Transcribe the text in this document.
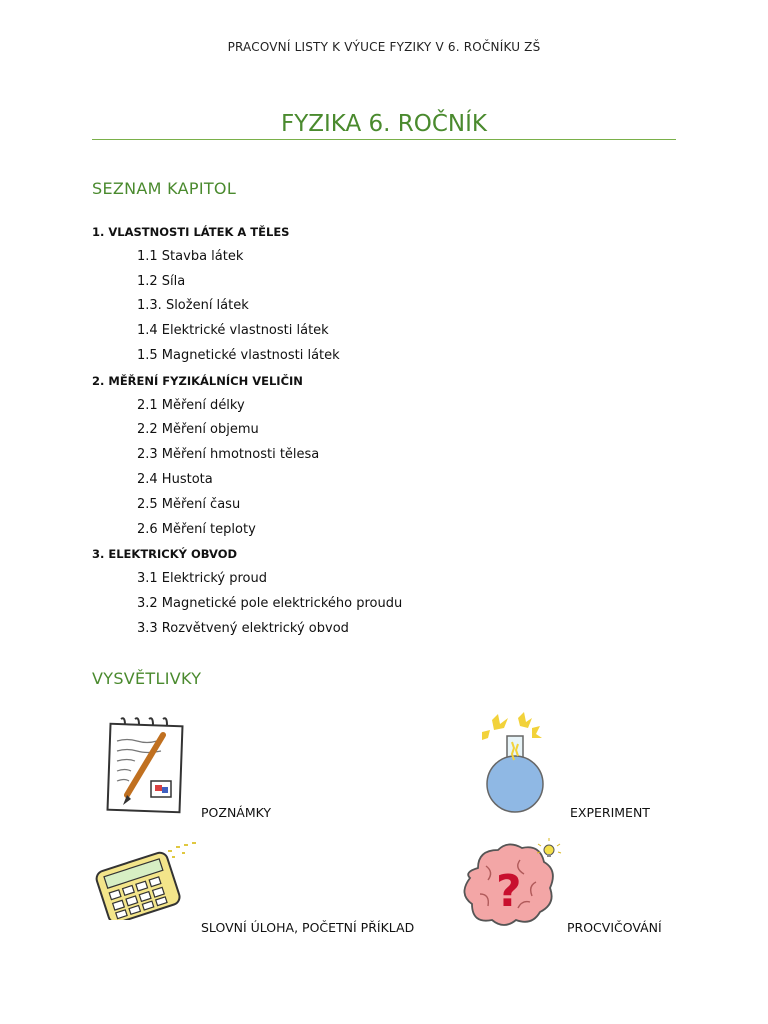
PRACOVNÍ LISTY K VÝUCE FYZIKY V 6. ROČNÍKU ZŠ
FYZIKA 6. ROČNÍK
SEZNAM KAPITOL
1. VLASTNOSTI LÁTEK A TĚLES
1.1 Stavba látek
1.2 Síla
1.3. Složení látek
1.4 Elektrické vlastnosti látek
1.5 Magnetické vlastnosti látek
2. MĚŘENÍ FYZIKÁLNÍCH VELIČIN
2.1 Měření délky
2.2 Měření objemu
2.3 Měření hmotnosti tělesa
2.4 Hustota
2.5 Měření času
2.6 Měření teploty
3. ELEKTRICKÝ OBVOD
3.1 Elektrický proud
3.2 Magnetické pole elektrického proudu
3.3 Rozvětvený elektrický obvod
VYSVĚTLIVKY
POZNÁMKY	EXPERIMENT
SLOVNÍ ÚLOHA, POČETNÍ PŘÍKLAD
?
PROCVIČOVÁNÍ
